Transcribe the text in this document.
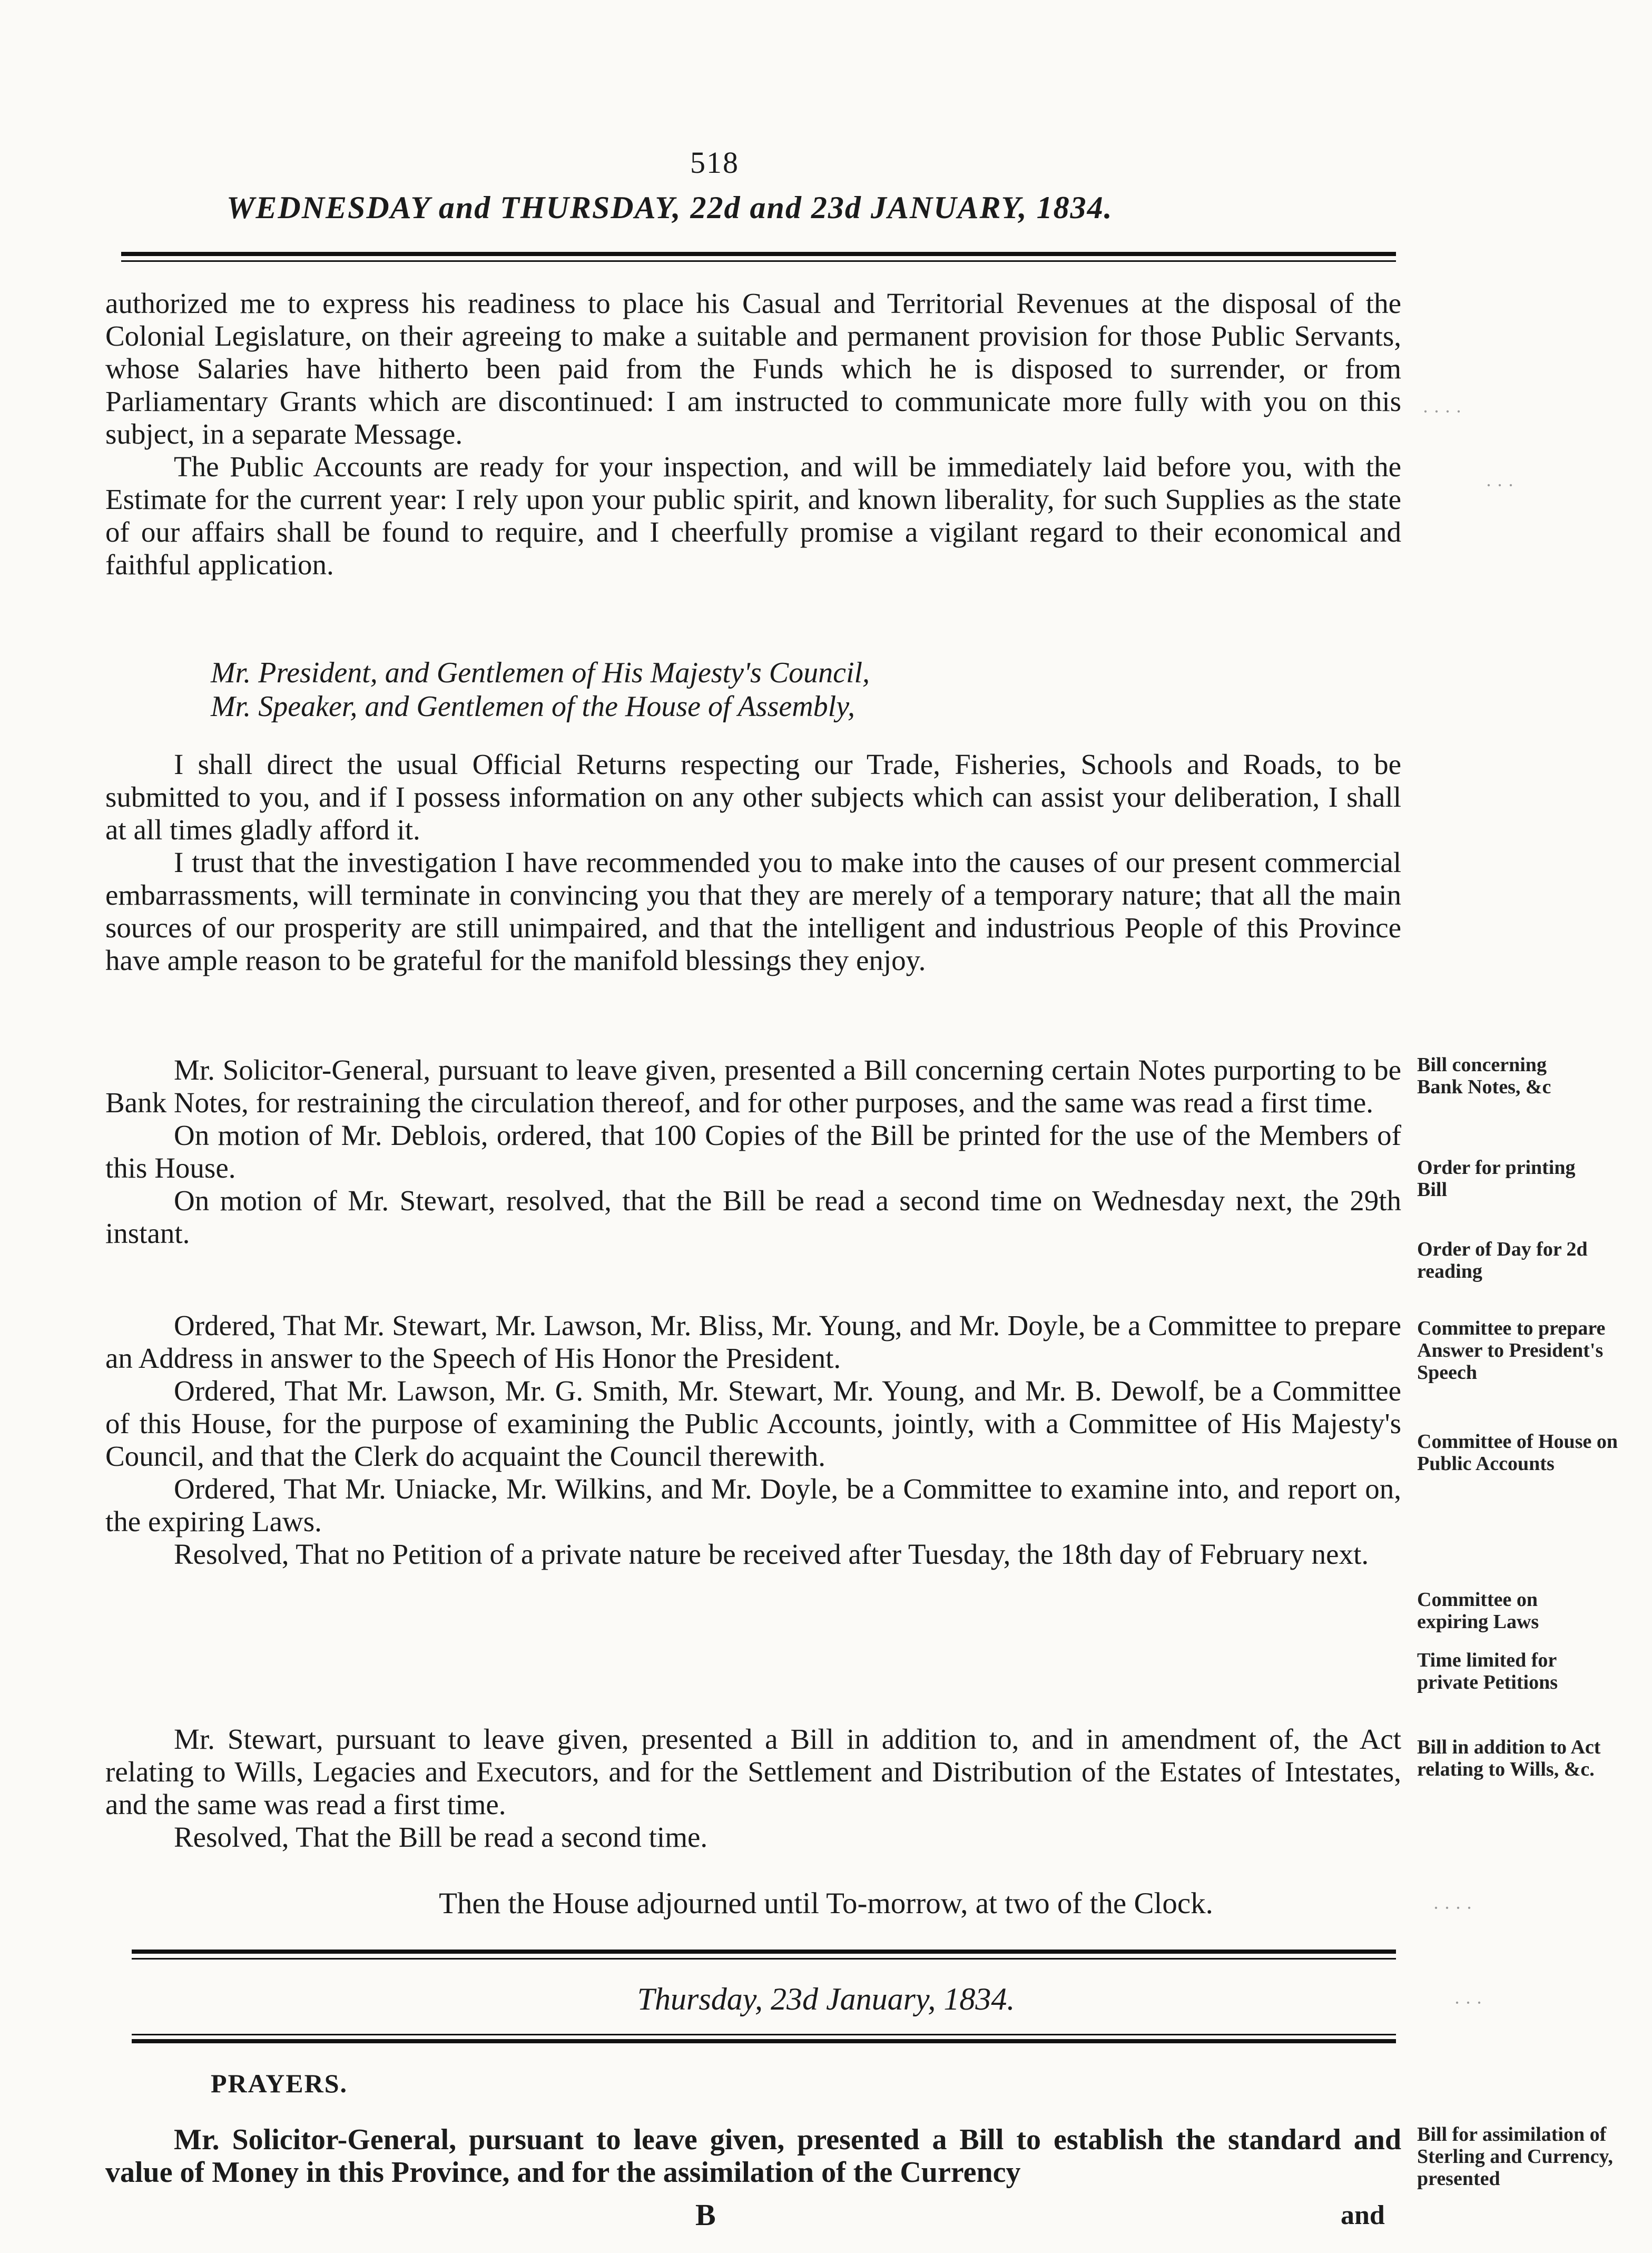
518
WEDNESDAY and THURSDAY, 22d and 23d JANUARY, 1834.

authorized me to express his readiness to place his Casual and Territorial Revenues at the disposal of the Colonial Legislature, on their agreeing to make a suitable and permanent provision for those Public Servants, whose Salaries have hitherto been paid from the Funds which he is disposed to surrender, or from Parliamentary Grants which are discontinued: I am instructed to communicate more fully with you on this subject, in a separate Message.

The Public Accounts are ready for your inspection, and will be immediately laid before you, with the Estimate for the current year: I rely upon your public spirit, and known liberality, for such Supplies as the state of our affairs shall be found to require, and I cheerfully promise a vigilant regard to their economical and faithful application.

Mr. President, and Gentlemen of His Majesty's Council,
Mr. Speaker, and Gentlemen of the House of Assembly,

I shall direct the usual Official Returns respecting our Trade, Fisheries, Schools and Roads, to be submitted to you, and if I possess information on any other subjects which can assist your deliberation, I shall at all times gladly afford it.

I trust that the investigation I have recommended you to make into the causes of our present commercial embarrassments, will terminate in convincing you that they are merely of a temporary nature; that all the main sources of our prosperity are still unimpaired, and that the intelligent and industrious People of this Province have ample reason to be grateful for the manifold blessings they enjoy.

Mr. Solicitor-General, pursuant to leave given, presented a Bill concerning certain Notes purporting to be Bank Notes, for restraining the circulation thereof, and for other purposes, and the same was read a first time.

On motion of Mr. Deblois, ordered, that 100 Copies of the Bill be printed for the use of the Members of this House.

On motion of Mr. Stewart, resolved, that the Bill be read a second time on Wednesday next, the 29th instant.

Ordered, That Mr. Stewart, Mr. Lawson, Mr. Bliss, Mr. Young, and Mr. Doyle, be a Committee to prepare an Address in answer to the Speech of His Honor the President.

Ordered, That Mr. Lawson, Mr. G. Smith, Mr. Stewart, Mr. Young, and Mr. B. Dewolf, be a Committee of this House, for the purpose of examining the Public Accounts, jointly, with a Committee of His Majesty's Council, and that the Clerk do acquaint the Council therewith.

Ordered, That Mr. Uniacke, Mr. Wilkins, and Mr. Doyle, be a Committee to examine into, and report on, the expiring Laws.

Resolved, That no Petition of a private nature be received after Tuesday, the 18th day of February next.

Mr. Stewart, pursuant to leave given, presented a Bill in addition to, and in amendment of, the Act relating to Wills, Legacies and Executors, and for the Settlement and Distribution of the Estates of Intestates, and the same was read a first time.

Resolved, That the Bill be read a second time.

Then the House adjourned until To-morrow, at two of the Clock.
Thursday, 23d January, 1834.
PRAYERS.

Mr. Solicitor-General, pursuant to leave given, presented a Bill to establish the standard and value of Money in this Province, and for the assimilation of the Currency

B	and
Bill concerning Bank Notes, &c
Order for printing Bill
Order of Day for 2d reading
Committee to prepare Answer to President's Speech
Committee of House on Public Accounts
Committee on expiring Laws
Time limited for private Petitions
Bill in addition to Act relating to Wills, &c.
Bill for assimilation of Sterling and Currency, presented
· · · ·
· · ·
· · · ·
· · ·
